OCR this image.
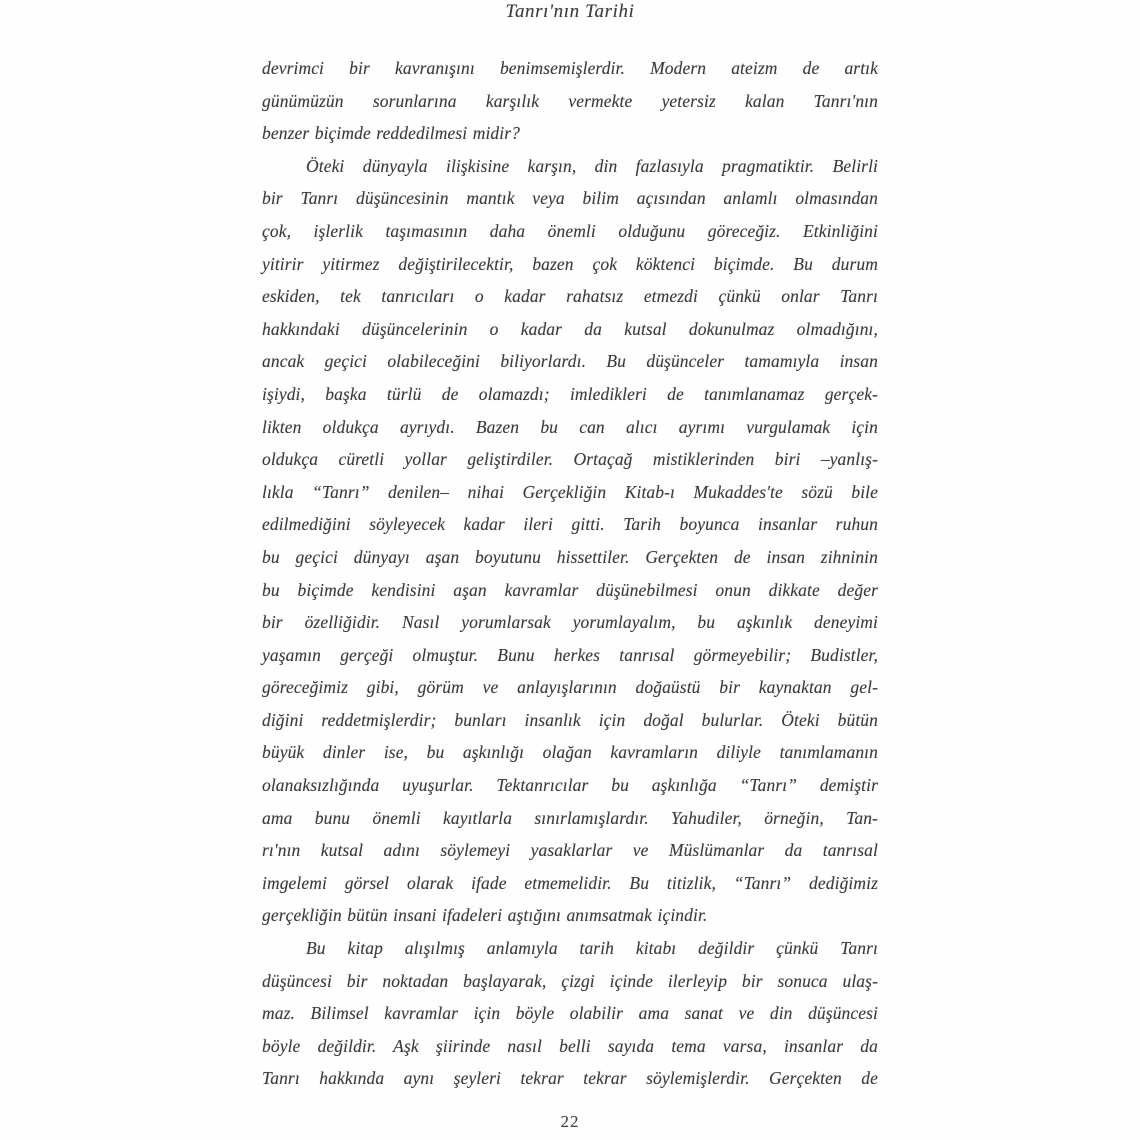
Tanrı'nın Tarihi
devrimci bir kavranışını benimsemişlerdir. Modern ateizm de artık
günümüzün sorunlarına karşılık vermekte yetersiz kalan Tanrı'nın
benzer biçimde reddedilmesi midir?
Öteki dünyayla ilişkisine karşın, din fazlasıyla pragmatiktir. Belirli
bir Tanrı düşüncesinin mantık veya bilim açısından anlamlı olmasından
çok, işlerlik taşımasının daha önemli olduğunu göreceğiz. Etkinliğini
yitirir yitirmez değiştirilecektir, bazen çok köktenci biçimde. Bu durum
eskiden, tek tanrıcıları o kadar rahatsız etmezdi çünkü onlar Tanrı
hakkındaki düşüncelerinin o kadar da kutsal dokunulmaz olmadığını,
ancak geçici olabileceğini biliyorlardı. Bu düşünceler tamamıyla insan
işiydi, başka türlü de olamazdı; imledikleri de tanımlanamaz gerçek-
likten oldukça ayrıydı. Bazen bu can alıcı ayrımı vurgulamak için
oldukça cüretli yollar geliştirdiler. Ortaçağ mistiklerinden biri –yanlış-
lıkla “Tanrı” denilen– nihai Gerçekliğin Kitab-ı Mukaddes'te sözü bile
edilmediğini söyleyecek kadar ileri gitti. Tarih boyunca insanlar ruhun
bu geçici dünyayı aşan boyutunu hissettiler. Gerçekten de insan zihninin
bu biçimde kendisini aşan kavramlar düşünebilmesi onun dikkate değer
bir özelliğidir. Nasıl yorumlarsak yorumlayalım, bu aşkınlık deneyimi
yaşamın gerçeği olmuştur. Bunu herkes tanrısal görmeyebilir; Budistler,
göreceğimiz gibi, görüm ve anlayışlarının doğaüstü bir kaynaktan gel-
diğini reddetmişlerdir; bunları insanlık için doğal bulurlar. Öteki bütün
büyük dinler ise, bu aşkınlığı olağan kavramların diliyle tanımlamanın
olanaksızlığında uyuşurlar. Tektanrıcılar bu aşkınlığa “Tanrı” demiştir
ama bunu önemli kayıtlarla sınırlamışlardır. Yahudiler, örneğin, Tan-
rı'nın kutsal adını söylemeyi yasaklarlar ve Müslümanlar da tanrısal
imgelemi görsel olarak ifade etmemelidir. Bu titizlik, “Tanrı” dediğimiz
gerçekliğin bütün insani ifadeleri aştığını anımsatmak içindir.
Bu kitap alışılmış anlamıyla tarih kitabı değildir çünkü Tanrı
düşüncesi bir noktadan başlayarak, çizgi içinde ilerleyip bir sonuca ulaş-
maz. Bilimsel kavramlar için böyle olabilir ama sanat ve din düşüncesi
böyle değildir. Aşk şiirinde nasıl belli sayıda tema varsa, insanlar da
Tanrı hakkında aynı şeyleri tekrar tekrar söylemişlerdir. Gerçekten de
22
